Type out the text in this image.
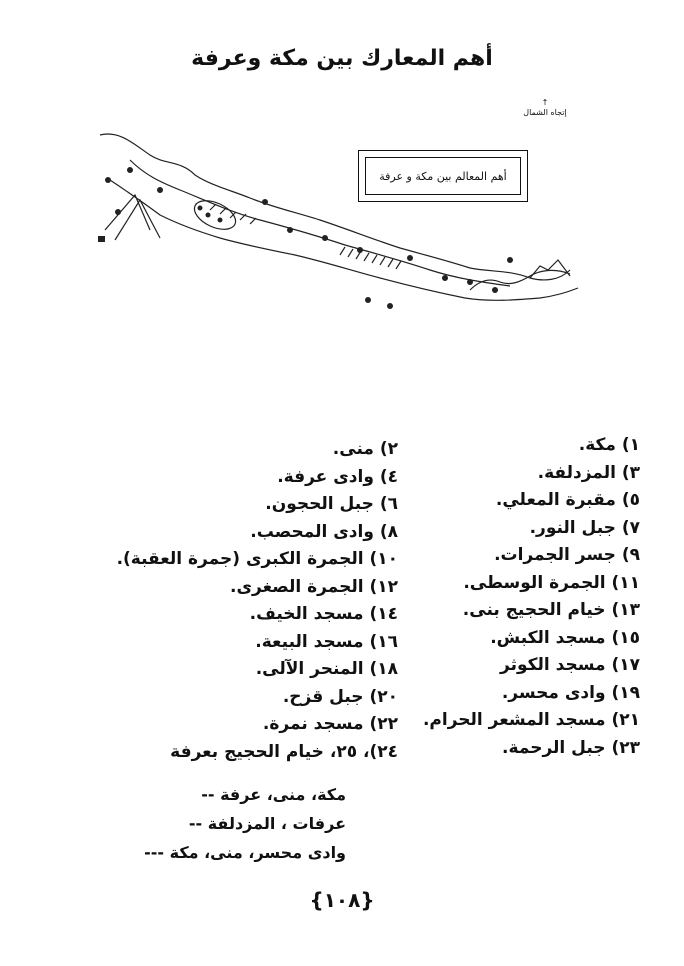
أهم المعارك بين مكة وعرفة
↑
إتجاه الشمال
أهم المعالم بين مكة و عرفة
١) مكة.
٣) المزدلفة.
٥) مقبرة المعلي.
٧) جبل النور.
٩) جسر الجمرات.
١١) الجمرة الوسطى.
١٣) خيام الحجيج بنى.
١٥) مسجد الكبش.
١٧) مسجد الكوثر
١٩) وادى محسر.
٢١) مسجد المشعر الحرام.
٢٣) جبل الرحمة.
٢) منى.
٤) وادى عرفة.
٦) جبل الحجون.
٨) وادى المحصب.
١٠) الجمرة الكبرى (جمرة العقبة).
١٢) الجمرة الصغرى.
١٤) مسجد الخيف.
١٦) مسجد البيعة.
١٨) المنحر الآلى.
٢٠) جبل قزح.
٢٢) مسجد نمرة.
٢٤)، ٢٥، خيام الحجيج بعرفة
مكة، منى، عرفة --
عرفات ، المزدلفة --
وادى محسر، منى، مكة ---
{١٠٨}
